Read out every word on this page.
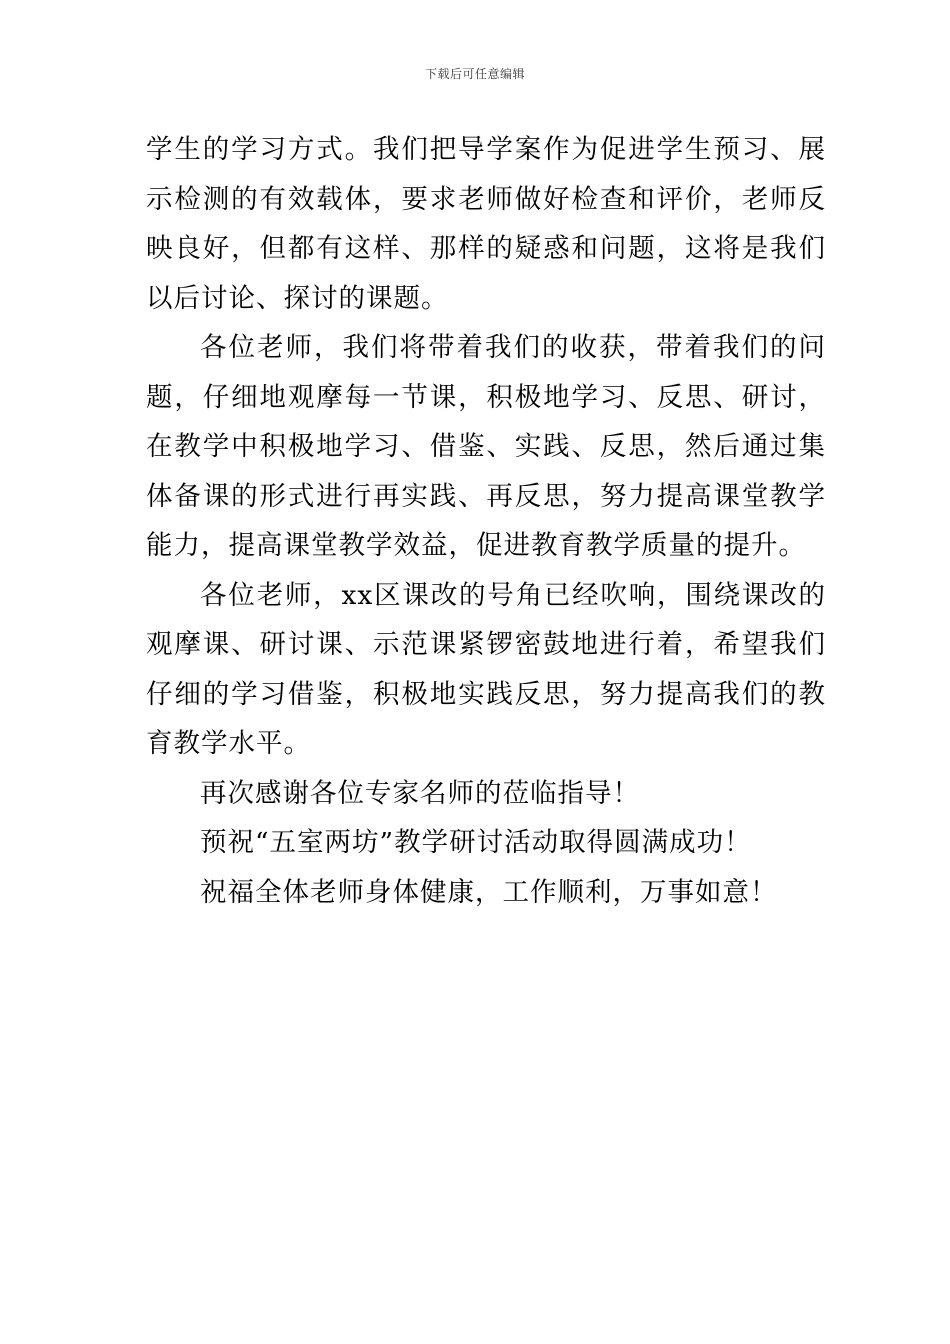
下载后可任意编辑

学生的学习方式。我们把导学案作为促进学生预习、展示检测的有效载体，要求老师做好检查和评价，老师反映良好，但都有这样、那样的疑惑和问题，这将是我们以后讨论、探讨的课题。

各位老师，我们将带着我们的收获，带着我们的问题，仔细地观摩每一节课，积极地学习、反思、研讨，在教学中积极地学习、借鉴、实践、反思，然后通过集体备课的形式进行再实践、再反思，努力提高课堂教学能力，提高课堂教学效益，促进教育教学质量的提升。

各位老师，xx区课改的号角已经吹响，围绕课改的观摩课、研讨课、示范课紧锣密鼓地进行着，希望我们仔细的学习借鉴，积极地实践反思，努力提高我们的教育教学水平。

再次感谢各位专家名师的莅临指导！

预祝“五室两坊”教学研讨活动取得圆满成功！

祝福全体老师身体健康，工作顺利，万事如意！
